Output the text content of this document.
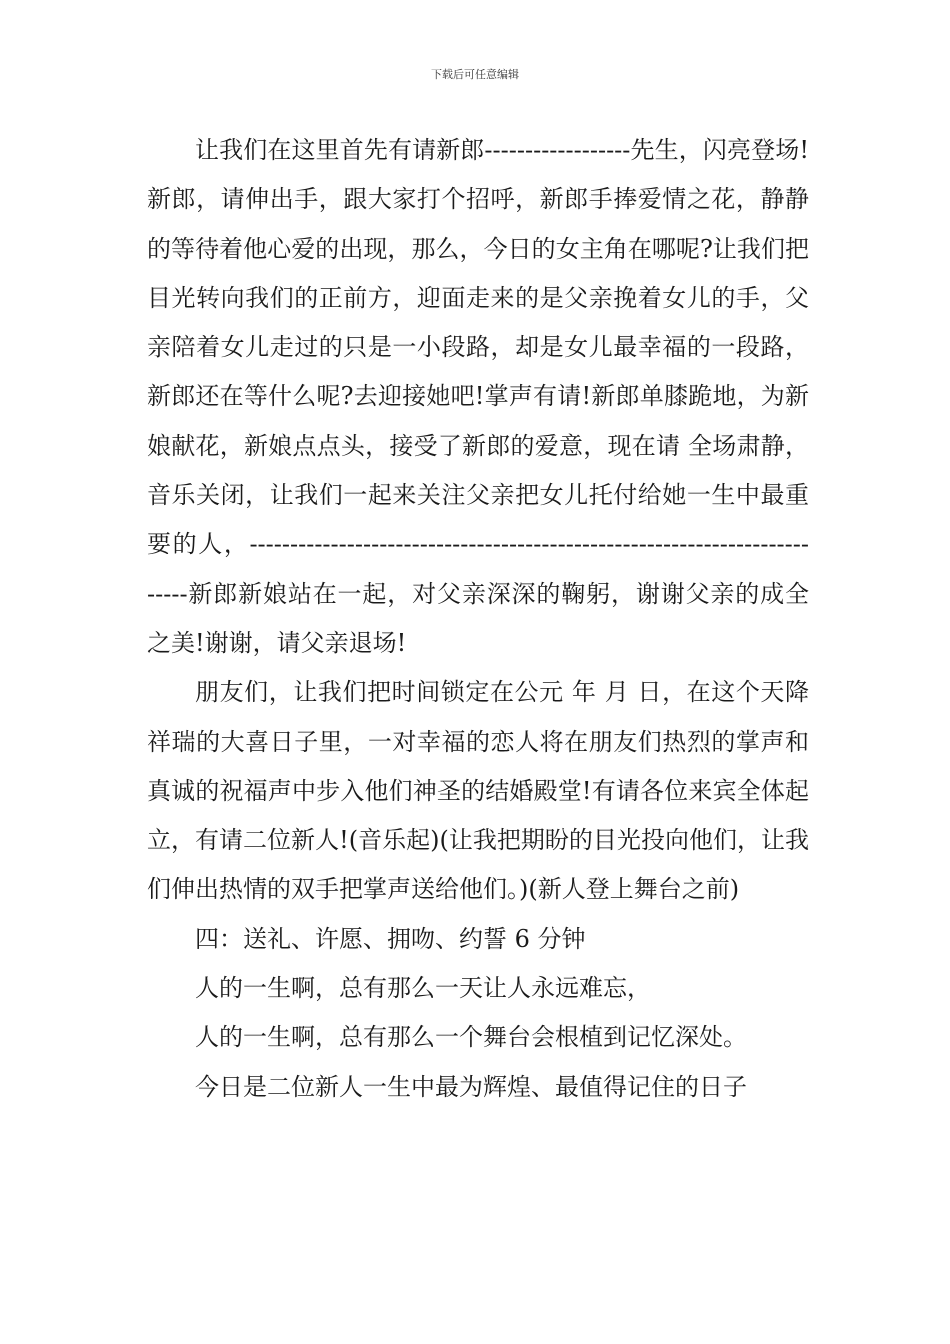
下载后可任意编辑

让我们在这里首先有请新郎------------------先生，闪亮登场!新郎，请伸出手，跟大家打个招呼，新郎手捧爱情之花，静静的等待着他心爱的出现，那么，今日的女主角在哪呢?让我们把目光转向我们的正前方，迎面走来的是父亲挽着女儿的手，父亲陪着女儿走过的只是一小段路，却是女儿最幸福的一段路，新郎还在等什么呢?去迎接她吧!掌声有请!新郎单膝跪地，为新娘献花，新娘点点头，接受了新郎的爱意，现在请 全场肃静，音乐关闭，让我们一起来关注父亲把女儿托付给她一生中最重要的人，--------------------------------------------------------------------------新郎新娘站在一起，对父亲深深的鞠躬，谢谢父亲的成全之美!谢谢，请父亲退场!

朋友们，让我们把时间锁定在公元 年 月 日，在这个天降祥瑞的大喜日子里，一对幸福的恋人将在朋友们热烈的掌声和真诚的祝福声中步入他们神圣的结婚殿堂!有请各位来宾全体起立，有请二位新人!(音乐起)(让我把期盼的目光投向他们，让我们伸出热情的双手把掌声送给他们。)(新人登上舞台之前)

四：送礼、许愿、拥吻、约誓 6 分钟

人的一生啊，总有那么一天让人永远难忘，

人的一生啊，总有那么一个舞台会根植到记忆深处。

今日是二位新人一生中最为辉煌、最值得记住的日子
